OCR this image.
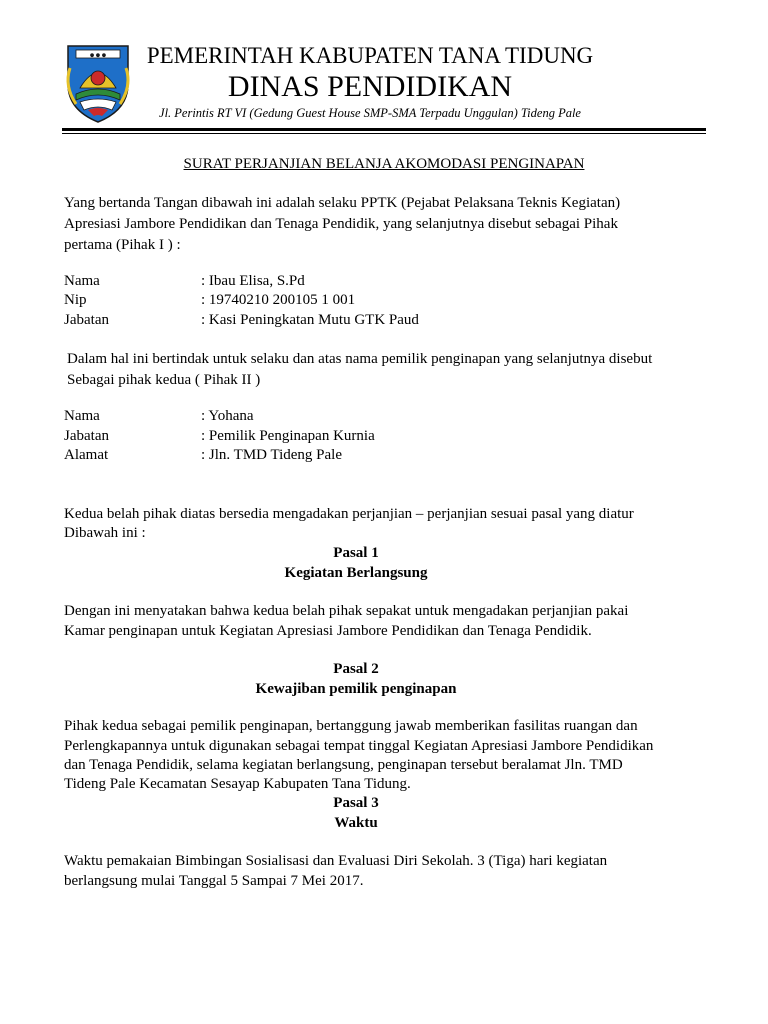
● ● ●	PEMERINTAH KABUPATEN TANA TIDUNG
DINAS PENDIDIKAN
Jl. Perintis RT VI (Gedung Guest House SMP-SMA Terpadu Unggulan) Tideng Pale
SURAT PERJANJIAN BELANJA AKOMODASI PENGINAPAN
Yang bertanda Tangan dibawah ini adalah selaku PPTK (Pejabat Pelaksana Teknis Kegiatan)
Apresiasi Jambore Pendidikan dan Tenaga Pendidik, yang selanjutnya disebut sebagai Pihak
pertama (Pihak I ) :
Nama	: Ibau Elisa, S.Pd
Nip	: 19740210 200105 1 001
Jabatan	: Kasi Peningkatan Mutu GTK Paud
Dalam hal ini bertindak untuk selaku dan atas nama pemilik penginapan yang selanjutnya disebut
Sebagai pihak kedua ( Pihak II )
Nama	: Yohana
Jabatan	: Pemilik Penginapan Kurnia
Alamat	: Jln. TMD Tideng Pale
Kedua belah pihak diatas bersedia mengadakan perjanjian – perjanjian sesuai pasal yang diatur
Dibawah ini :
Pasal 1
Kegiatan Berlangsung
Dengan ini menyatakan bahwa kedua belah pihak sepakat untuk mengadakan perjanjian pakai
Kamar penginapan untuk Kegiatan Apresiasi Jambore Pendidikan dan Tenaga Pendidik.
Pasal 2
Kewajiban pemilik penginapan
Pihak kedua sebagai pemilik penginapan, bertanggung jawab memberikan fasilitas ruangan dan
Perlengkapannya untuk digunakan sebagai tempat tinggal Kegiatan Apresiasi Jambore Pendidikan
dan Tenaga Pendidik, selama kegiatan berlangsung, penginapan tersebut beralamat Jln. TMD
Tideng Pale Kecamatan Sesayap Kabupaten Tana Tidung.
Pasal 3
Waktu
Waktu pemakaian Bimbingan Sosialisasi dan Evaluasi Diri Sekolah. 3 (Tiga) hari kegiatan
berlangsung mulai Tanggal 5 Sampai 7 Mei 2017.
